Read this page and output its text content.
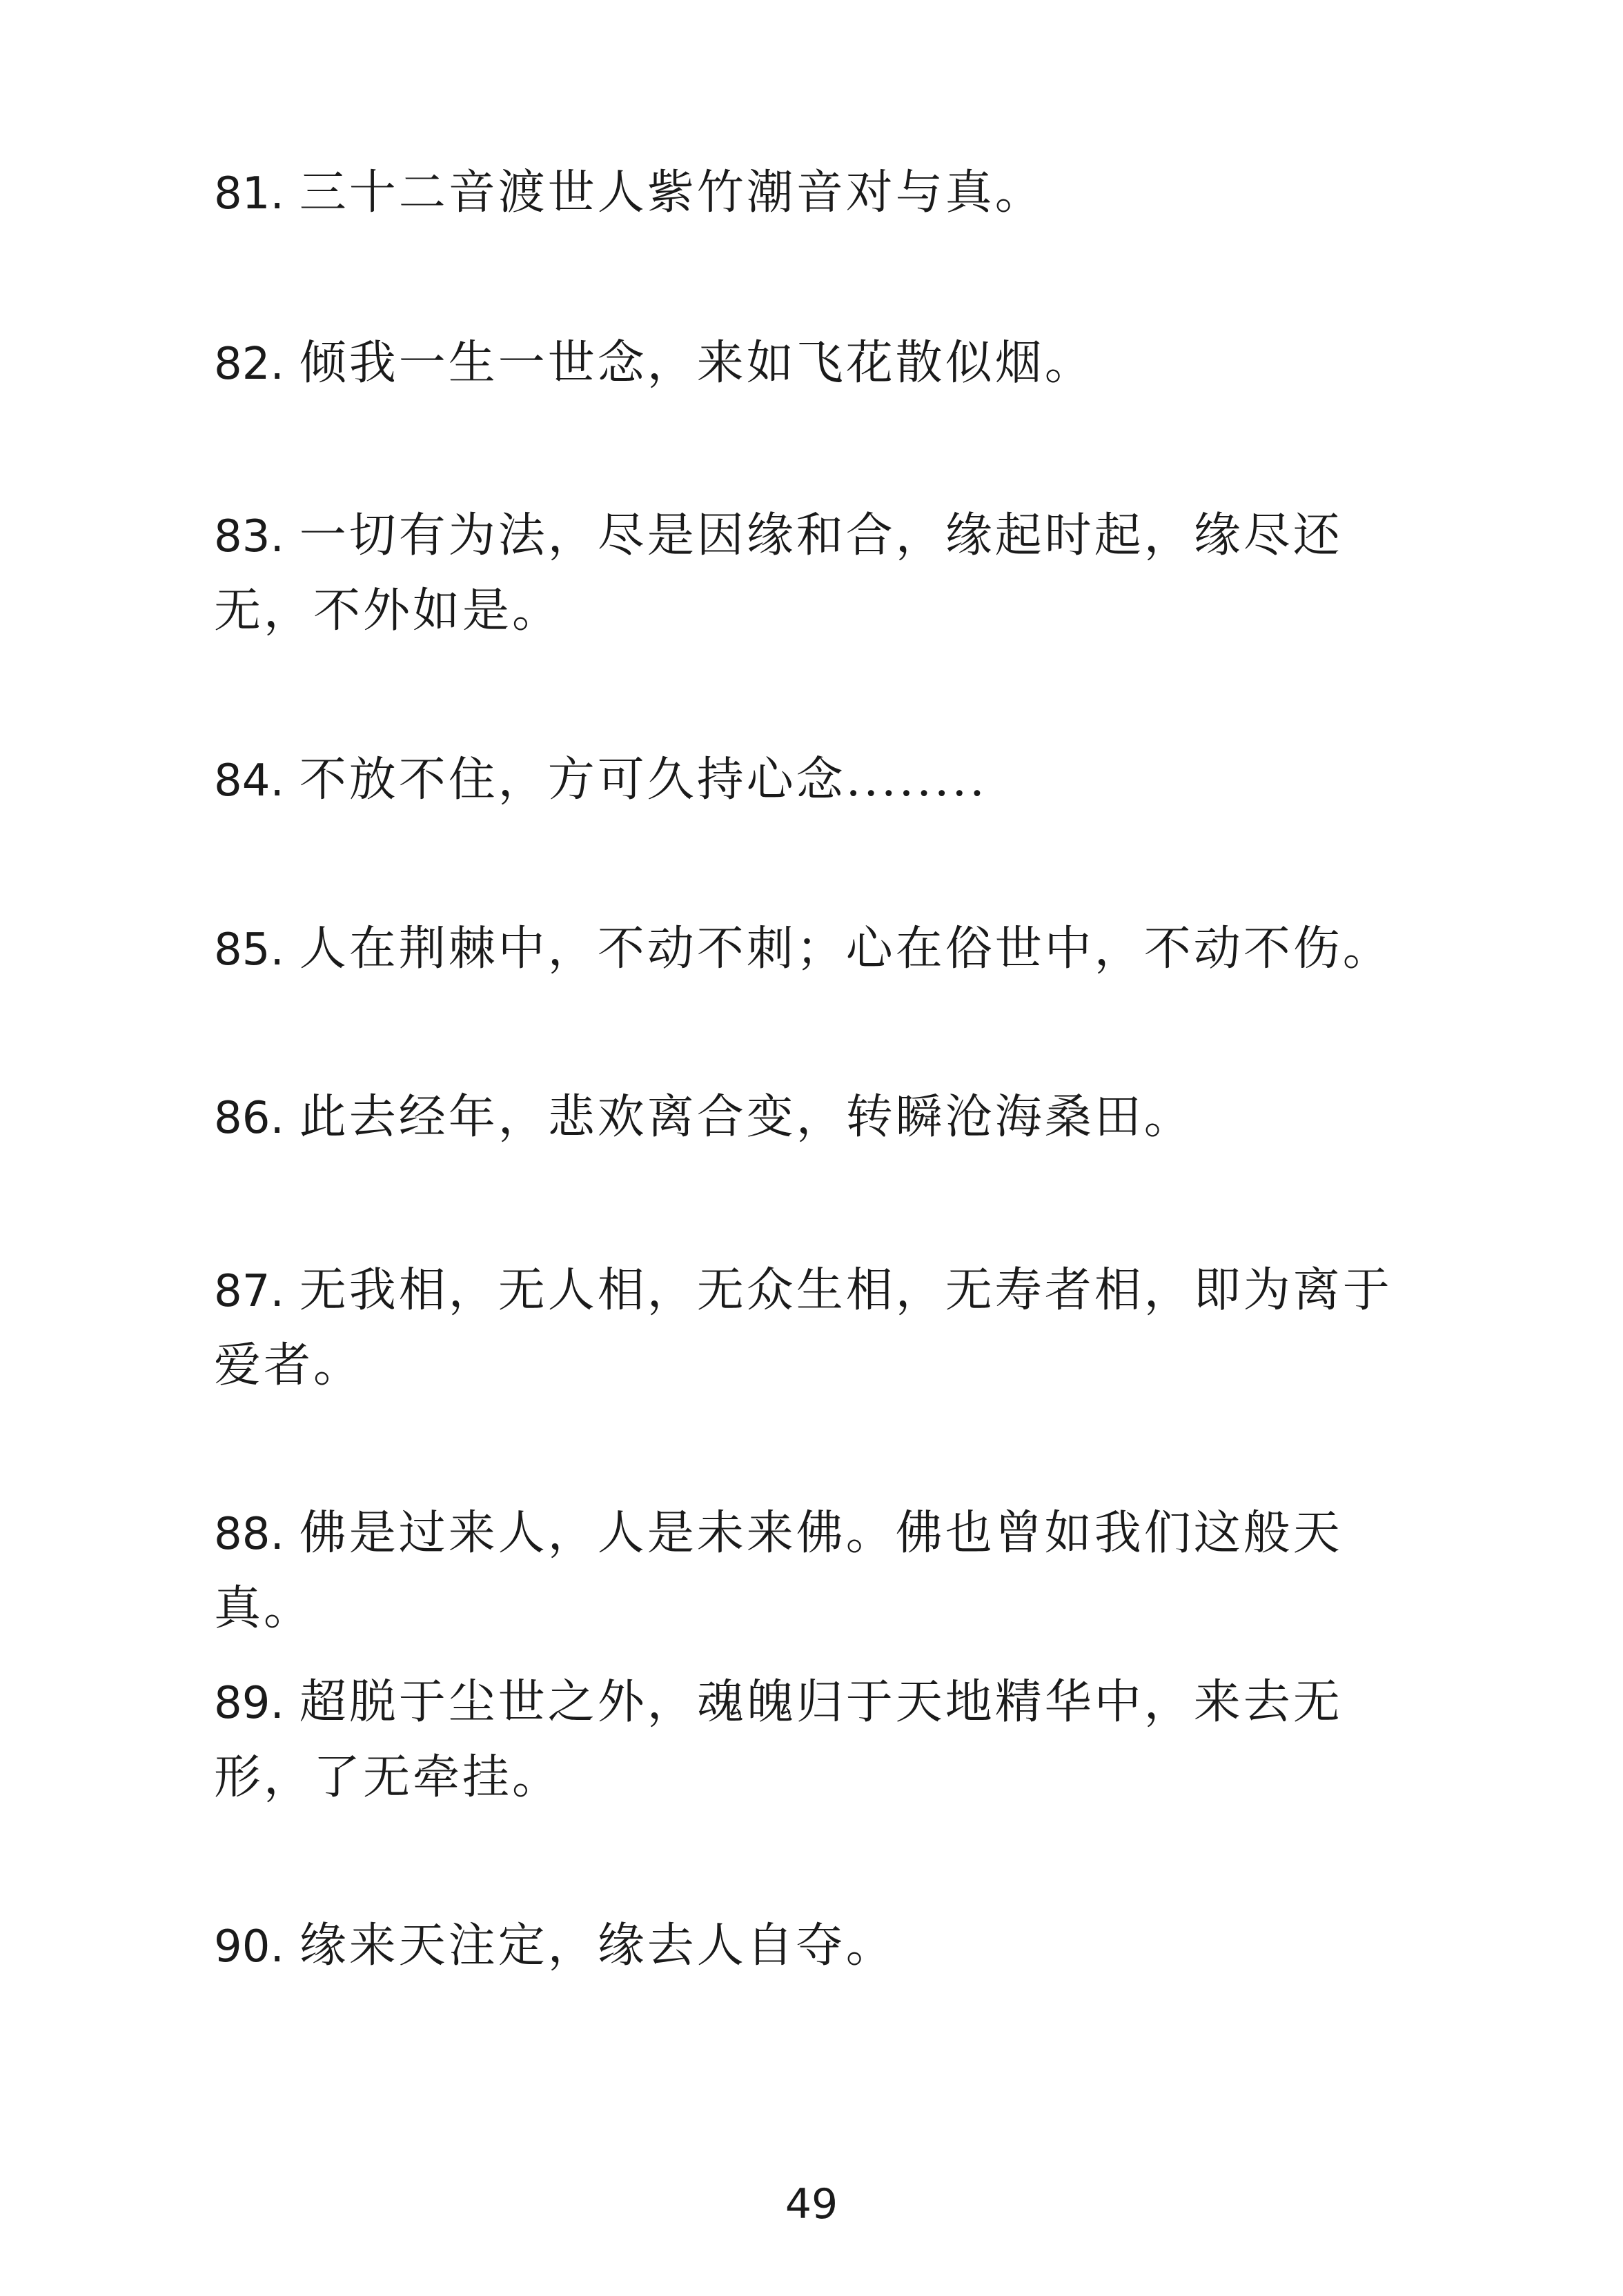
81. 三十二音渡世人紫竹潮音对与真。

82. 倾我一生一世念，来如飞花散似烟。

83. 一切有为法，尽是因缘和合，缘起时起，缘尽还无，不外如是。

84. 不放不住，方可久持心念........

85. 人在荆棘中，不动不刺；心在俗世中，不动不伤。

86. 此去经年，悲欢离合变，转瞬沧海桑田。

87. 无我相，无人相，无众生相，无寿者相，即为离于爱者。

88. 佛是过来人，人是未来佛。佛也曾如我们这般天真。

89. 超脱于尘世之外，魂魄归于天地精华中，来去无形，了无牵挂。

90. 缘来天注定，缘去人自夺。

49
